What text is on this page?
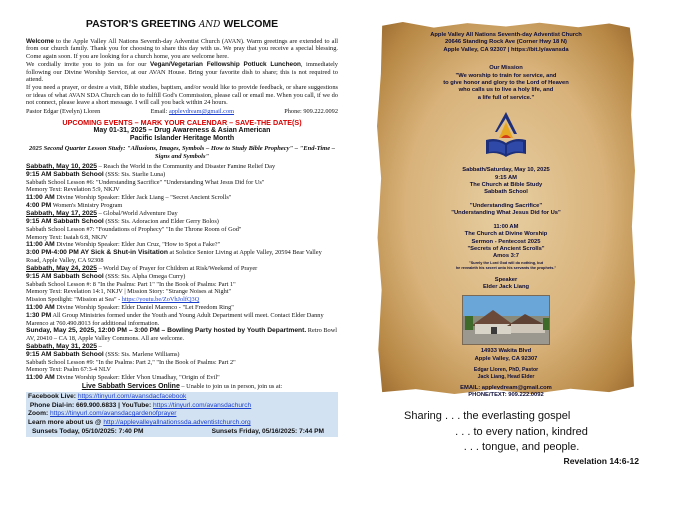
PASTOR'S GREETING AND WELCOME

Welcome to the Apple Valley All Nations Seventh-day Adventist Church (AVAN). Warm greetings are extended to all from our church family. Thank you for choosing to share this day with us. We pray that you receive a special blessing. Come again soon. If you are looking for a church home, you are welcome here.

We cordially invite you to join us for our Vegan/Vegetarian Fellowship Potluck Luncheon, immediately following our Divine Worship Service, at our AVAN House. Bring your favorite dish to share; this is not required to attend.

If you need a prayer, or desire a visit, Bible studies, baptism, and/or would like to provide feedback, or share suggestions or ideas of what AVAN SDA Church can do to fulfill God's Commission, please call or email me. When you call, if we do not connect, please leave a short message. I will call you back within 24 hours.

Pastor Edgar (Evelyn) Lloren	Email: applevdream@gmail.com	Phone: 909.222.0092
UPCOMING EVENTS – MARK YOUR CALENDAR – SAVE-THE DATE(S)
May 01-31, 2025 – Drug Awareness & Asian American
Pacific Islander Heritage Month
2025 Second Quarter Lesson Study: "Allusions, Images, Symbols – How to Study Bible Prophecy" – "End-Time – Signs and Symbols"
Sabbath, May 10, 2025 – Reach the World in the Community and Disaster Famine Relief Day
9:15 AM Sabbath School (SSS: Sis. Starlie Luna)
Sabbath School Lesson #6: "Understanding Sacrifice" "Understanding What Jesus Did for Us"
Memory Text: Revelation 5:9, NKJV
11:00 AM Divine Worship Speaker: Elder Jack Liang – "Secret Ancient Scrolls"
4:00 PM Women's Ministry Program
Sabbath, May 17, 2025 – Global/World Adventure Day
9:15 AM Sabbath School (SSS: Sis. Adoracion and Elder Gerry Bolos)
Sabbath School Lesson #7: "Foundations of Prophecy" "In the Throne Room of God"
Memory Text: Isaiah 6:8, NKJV
11:00 AM Divine Worship Speaker: Elder Jun Cruz, "How to Spot a Fake?"
3:00 PM-4:00 PM AY Sick & Shut-in Visitation at Solstice Senior Living at Apple Valley, 20594 Bear Valley Road, Apple Valley, CA 92308
Sabbath, May 24, 2025 – World Day of Prayer for Children at Risk/Weekend of Prayer
9:15 AM Sabbath School (SSS: Sis. Alpha Omega Curry)
Sabbath School Lesson #: 8 "In the Psalms: Part 1" "In the Book of Psalms: Part 1"
Memory Text: Revelation 14:1, NKJV | Mission Story: "Strange Noises at Night"
Mission Spotlight: "Mission at Sea" - https://youtu.be/ZoVhJolfQ3Q
11:00 AM Divine Worship Speaker: Elder Daniel Marenco - "Let Freedom Ring"
1:30 PM All Group Ministries formed under the Youth and Young Adult Department will meet. Contact Elder Danny Marenco at 760.490.8013 for additional information.
Sunday, May 25, 2025, 12:00 PM – 3:00 PM – Bowling Party hosted by Youth Department. Retro Bowl AV, 20410 – CA 18, Apple Valley Commons. All are welcome.
Sabbath, May 31, 2025 –
9:15 AM Sabbath School (SSS: Sis. Marlene Williams)
Sabbath School Lesson #9: "In the Psalms: Part 2," "In the Book of Psalms: Part 2"
Memory Text: Psalm 67:3-4 NLV
11:00 AM Divine Worship Speaker: Elder Vhon Umadhay, "Origin of Evil"
Live Sabbath Services Online – Unable to join us in person, join us at:
Facebook Live: https://tinyurl.com/avansdacfacebook
Phone Dial-in: 669.900.6833 | YouTube: https://tinyurl.com/avansdachurch
Zoom: https://tinyurl.com/avansdacgardenofprayer
Learn more about us @ http://applevalleyallnationssda.adventistchurch.org
Sunsets Today, 05/10/2025: 7:40 PM	Sunsets Friday, 05/16/2025: 7:44 PM
Apple Valley All Nations Seventh-day Adventist Church
20646 Standing Rock Ave (Corner Hwy 18 N)
Apple Valley, CA 92307 | https://bit.ly/avansda
Our Mission
"We worship to train for service, and
to give honor and glory to the Lord of Heaven
who calls us to live a holy life, and
a life full of service."
Sabbath/Saturday, May 10, 2025
9:15 AM
The Church at Bible Study
Sabbath School
"Understanding Sacrifice"
"Understanding What Jesus Did for Us"
11:00 AM
The Church at Divine Worship
Sermon - Pentecost 2025
"Secrets of Ancient Scrolls"
Amos 3:7
"Surely the Lord God will do nothing, but
he revealeth his secret unto his servants the prophets."
Speaker
Elder Jack Liang
14933 Wakita Blvd
Apple Valley, CA 92307
Edgar Lloren, PhD, Pastor
Jack Liang, Head Elder
EMAIL: applevdream@gmail.com
PHONE/TEXT: 909.222.0092
Sharing . . . the everlasting gospel
. . . to every nation, kindred
. . . tongue, and people.
Revelation 14:6-12
